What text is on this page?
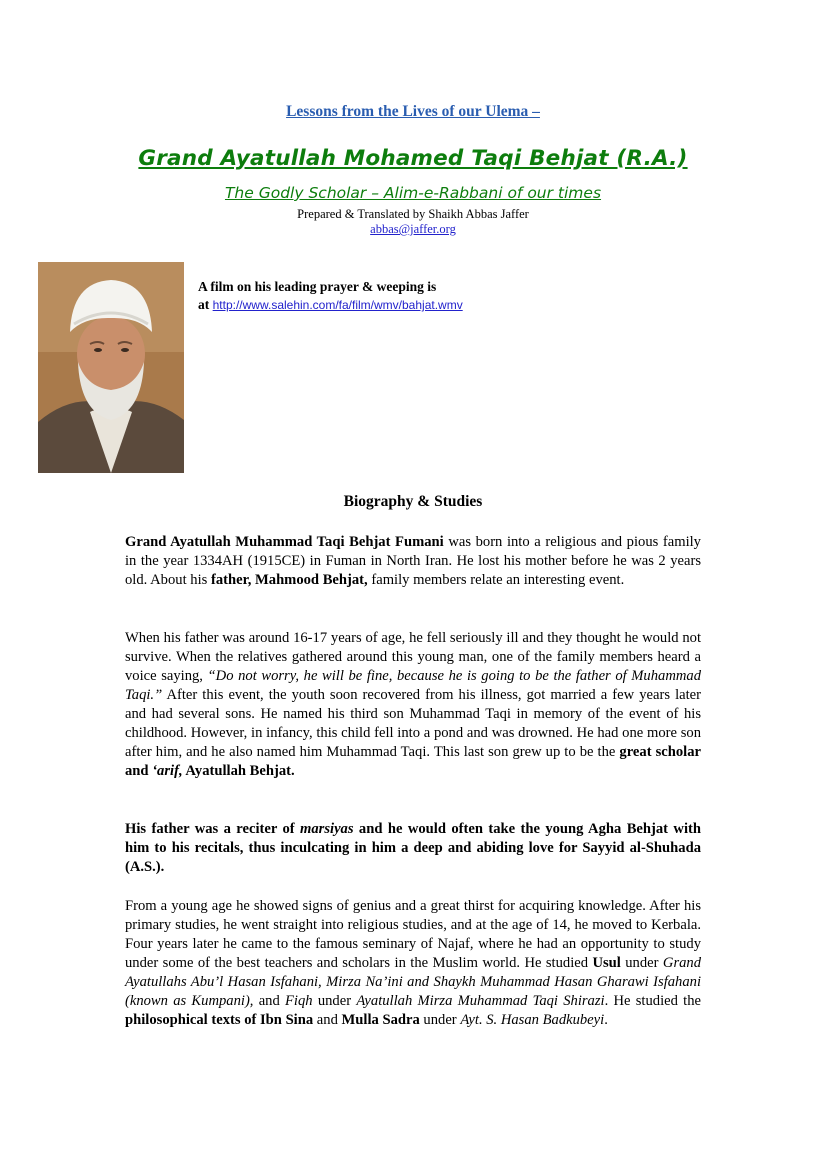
Lessons from the Lives of our Ulema –
Grand Ayatullah Mohamed Taqi Behjat (R.A.)
The Godly Scholar – Alim-e-Rabbani of our times
Prepared & Translated by Shaikh Abbas Jaffer
abbas@jaffer.org
A film on his leading prayer & weeping is
at http://www.salehin.com/fa/film/wmv/bahjat.wmv
Biography & Studies
Grand Ayatullah Muhammad Taqi Behjat Fumani was born into a religious and pious family in the year 1334AH (1915CE) in Fuman in North Iran. He lost his mother before he was 2 years old. About his father, Mahmood Behjat, family members relate an interesting event.
When his father was around 16-17 years of age, he fell seriously ill and they thought he would not survive. When the relatives gathered around this young man, one of the family members heard a voice saying, “Do not worry, he will be fine, because he is going to be the father of Muhammad Taqi.” After this event, the youth soon recovered from his illness, got married a few years later and had several sons. He named his third son Muhammad Taqi in memory of the event of his childhood. However, in infancy, this child fell into a pond and was drowned. He had one more son after him, and he also named him Muhammad Taqi. This last son grew up to be the great scholar and ‘arif, Ayatullah Behjat.
His father was a reciter of marsiyas and he would often take the young Agha Behjat with him to his recitals, thus inculcating in him a deep and abiding love for Sayyid al-Shuhada (A.S.).
From a young age he showed signs of genius and a great thirst for acquiring knowledge. After his primary studies, he went straight into religious studies, and at the age of 14, he moved to Kerbala. Four years later he came to the famous seminary of Najaf, where he had an opportunity to study under some of the best teachers and scholars in the Muslim world. He studied Usul under Grand Ayatullahs Abu’l Hasan Isfahani, Mirza Na’ini and Shaykh Muhammad Hasan Gharawi Isfahani (known as Kumpani), and Fiqh under Ayatullah Mirza Muhammad Taqi Shirazi. He studied the philosophical texts of Ibn Sina and Mulla Sadra under Ayt. S. Hasan Badkubeyi.
